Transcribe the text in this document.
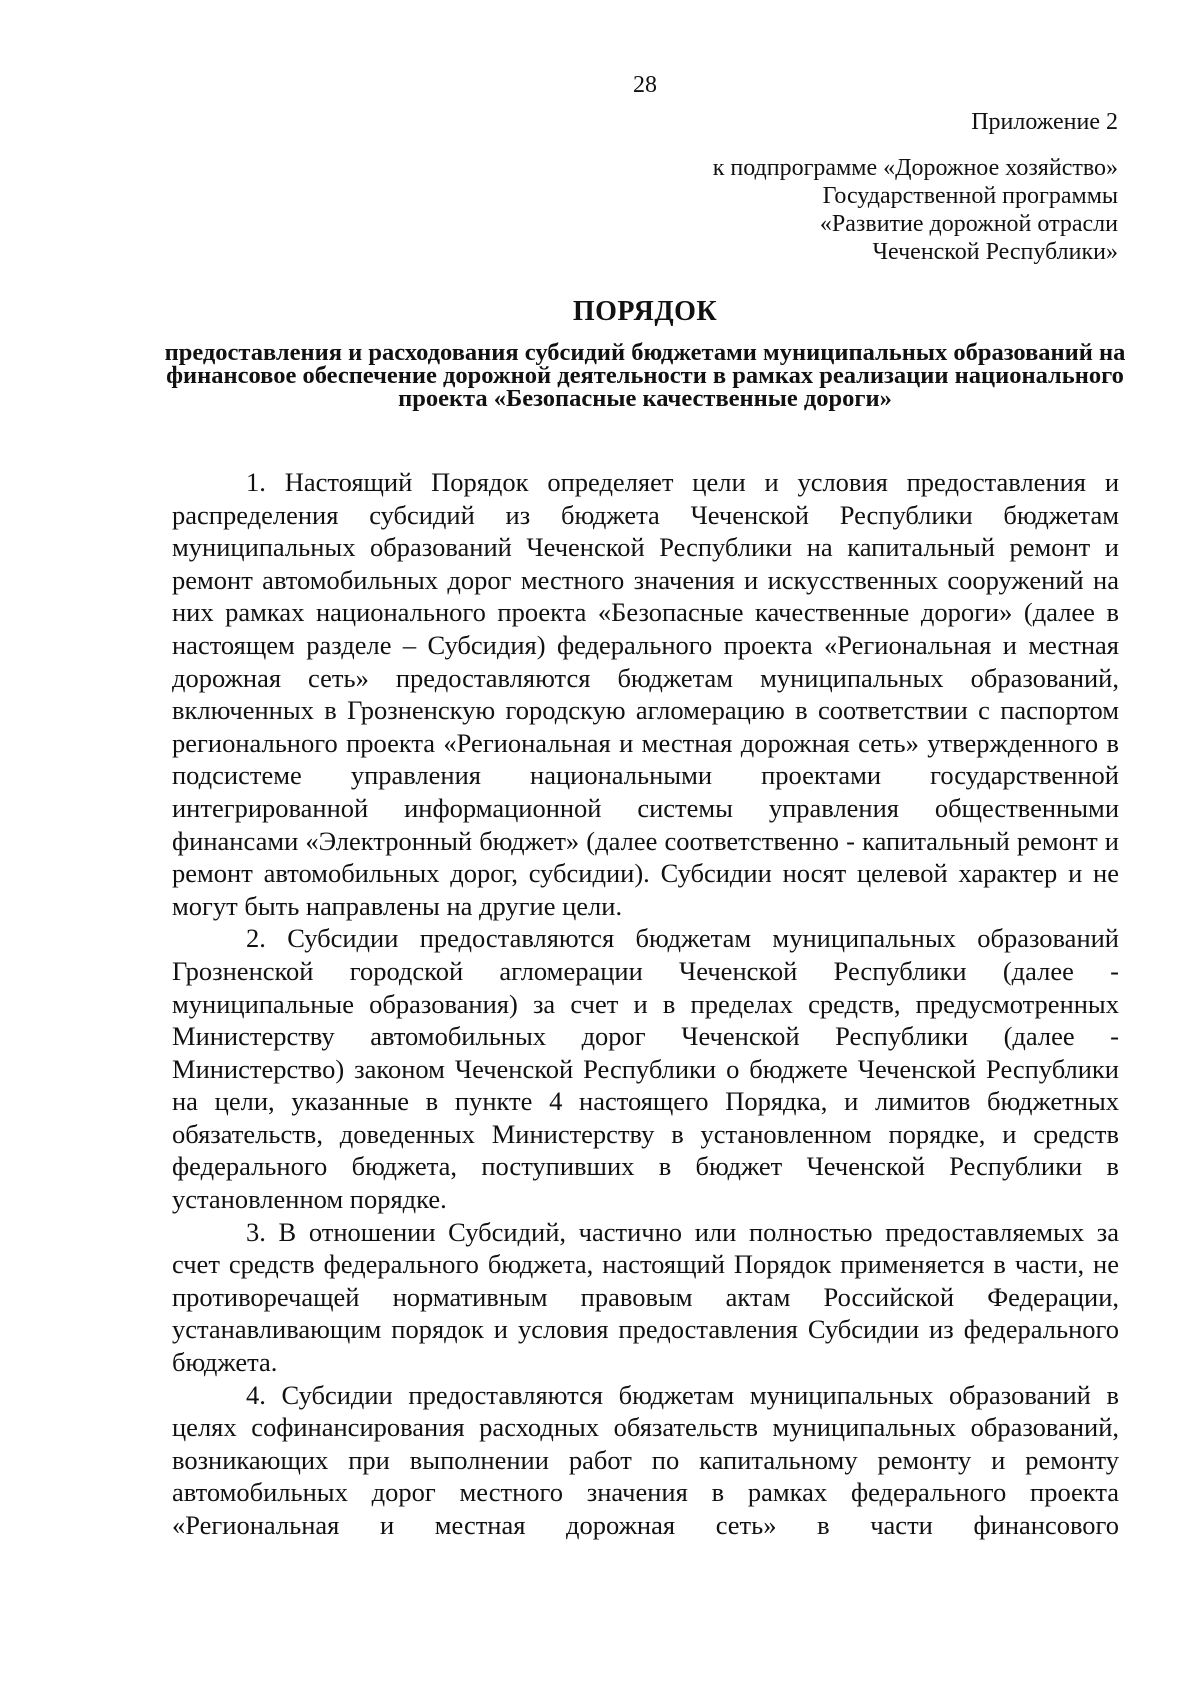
28
Приложение 2
к подпрограмме «Дорожное хозяйство»
Государственной программы
«Развитие дорожной отрасли
Чеченской Республики»
ПОРЯДОК
предоставления и расходования субсидий бюджетами муниципальных образований на финансовое обеспечение дорожной деятельности в рамках реализации национального проекта «Безопасные качественные дороги»

1. Настоящий Порядок определяет цели и условия предоставления и распределения субсидий из бюджета Чеченской Республики бюджетам муниципальных образований Чеченской Республики на капитальный ремонт и ремонт автомобильных дорог местного значения и искусственных сооружений на них рамках национального проекта «Безопасные качественные дороги» (далее в настоящем разделе – Субсидия) федерального проекта «Региональная и местная дорожная сеть» предоставляются бюджетам муниципальных образований, включенных в Грозненскую городскую агломерацию в соответствии с паспортом регионального проекта «Региональная и местная дорожная сеть» утвержденного в подсистеме управления национальными проектами государственной интегрированной информационной системы управления общественными финансами «Электронный бюджет» (далее соответственно - капитальный ремонт и ремонт автомобильных дорог, субсидии). Субсидии носят целевой характер и не могут быть направлены на другие цели.

2. Субсидии предоставляются бюджетам муниципальных образований Грозненской городской агломерации Чеченской Республики (далее - муниципальные образования) за счет и в пределах средств, предусмотренных Министерству автомобильных дорог Чеченской Республики (далее - Министерство) законом Чеченской Республики о бюджете Чеченской Республики на цели, указанные в пункте 4 настоящего Порядка, и лимитов бюджетных обязательств, доведенных Министерству в установленном порядке, и средств федерального бюджета, поступивших в бюджет Чеченской Республики в установленном порядке.

3. В отношении Субсидий, частично или полностью предоставляемых за счет средств федерального бюджета, настоящий Порядок применяется в части, не противоречащей нормативным правовым актам Российской Федерации, устанавливающим порядок и условия предоставления Субсидии из федерального бюджета.

4. Субсидии предоставляются бюджетам муниципальных образований в целях софинансирования расходных обязательств муниципальных образований, возникающих при выполнении работ по капитальному ремонту и ремонту автомобильных дорог местного значения в рамках федерального проекта «Региональная и местная дорожная сеть» в части финансового
